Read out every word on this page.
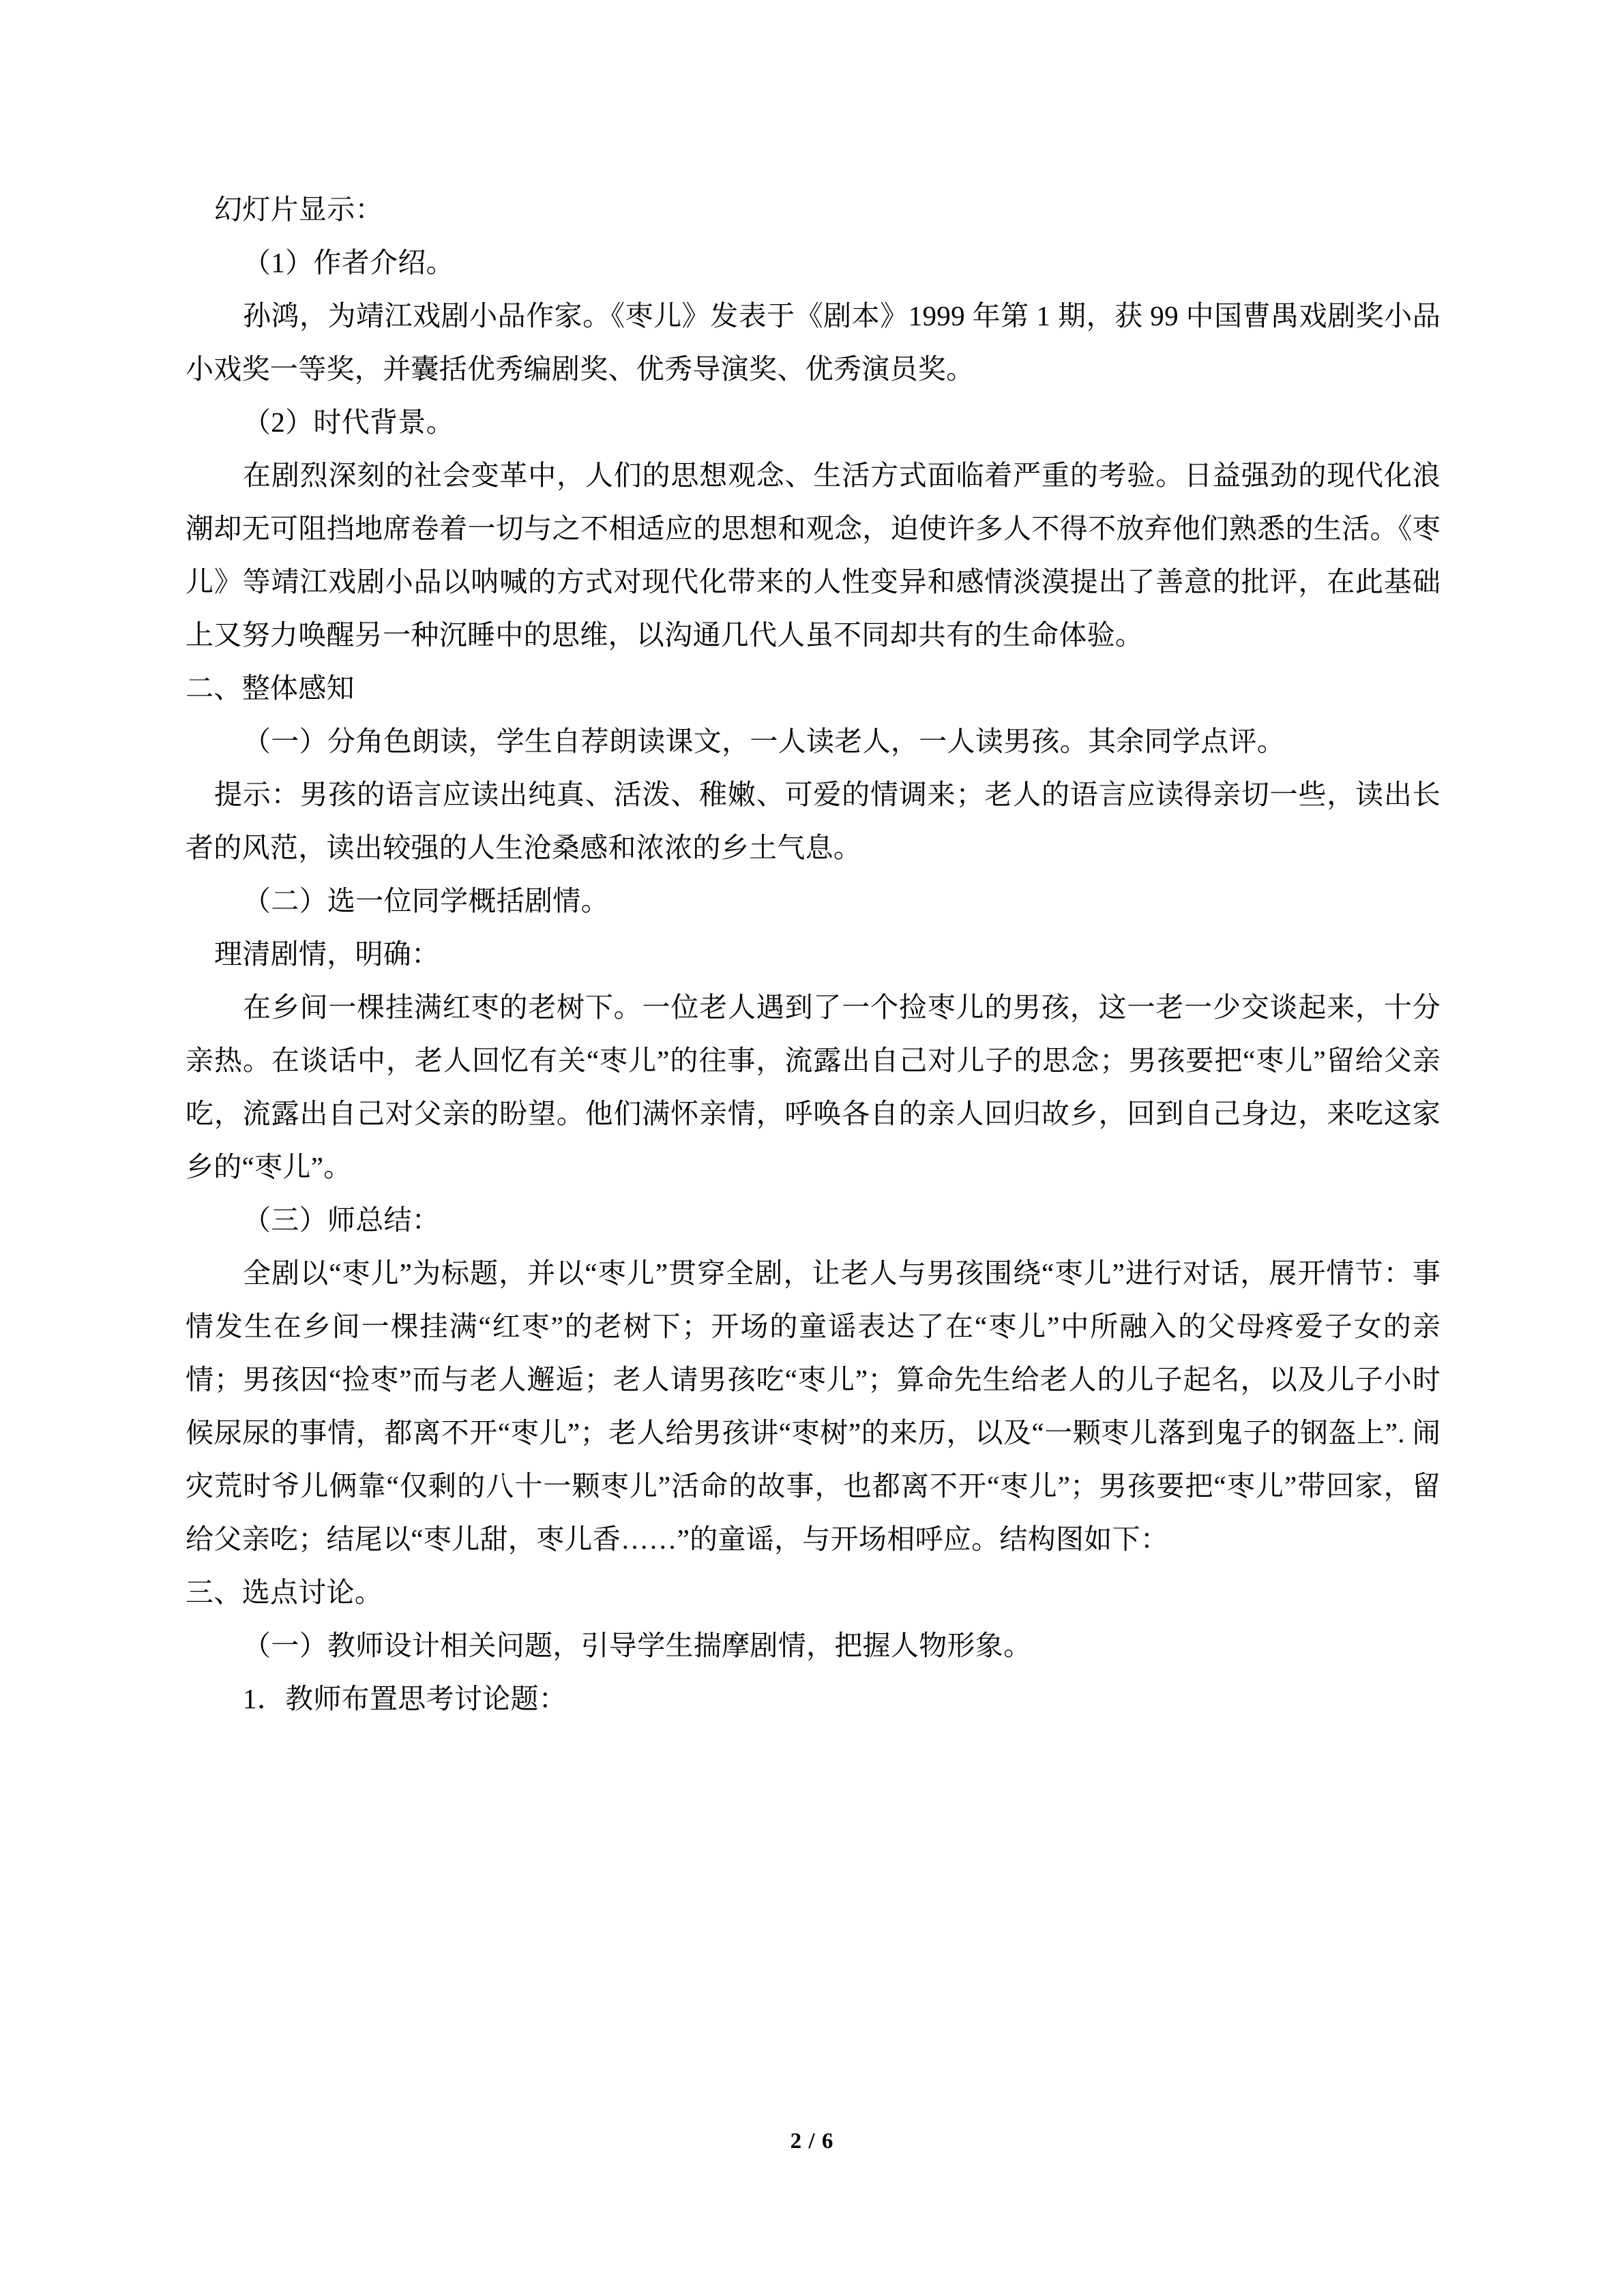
幻灯片显示：

（1）作者介绍。

孙鸿，为靖江戏剧小品作家。《枣儿》发表于《剧本》1999 年第 1 期，获 99 中国曹禺戏剧奖小品小戏奖一等奖，并囊括优秀编剧奖、优秀导演奖、优秀演员奖。

（2）时代背景。

在剧烈深刻的社会变革中，人们的思想观念、生活方式面临着严重的考验。日益强劲的现代化浪潮却无可阻挡地席卷着一切与之不相适应的思想和观念，迫使许多人不得不放弃他们熟悉的生活。《枣儿》等靖江戏剧小品以呐喊的方式对现代化带来的人性变异和感情淡漠提出了善意的批评，在此基础上又努力唤醒另一种沉睡中的思维，以沟通几代人虽不同却共有的生命体验。

二、整体感知

（一）分角色朗读，学生自荐朗读课文，一人读老人，一人读男孩。其余同学点评。

提示：男孩的语言应读出纯真、活泼、稚嫩、可爱的情调来；老人的语言应读得亲切一些，读出长者的风范，读出较强的人生沧桑感和浓浓的乡土气息。

（二）选一位同学概括剧情。

理清剧情，明确：

在乡间一棵挂满红枣的老树下。一位老人遇到了一个捡枣儿的男孩，这一老一少交谈起来，十分亲热。在谈话中，老人回忆有关“枣儿”的往事，流露出自己对儿子的思念；男孩要把“枣儿”留给父亲吃，流露出自己对父亲的盼望。他们满怀亲情，呼唤各自的亲人回归故乡，回到自己身边，来吃这家乡的“枣儿”。

（三）师总结：

全剧以“枣儿”为标题，并以“枣儿”贯穿全剧，让老人与男孩围绕“枣儿”进行对话，展开情节：事情发生在乡间一棵挂满“红枣”的老树下；开场的童谣表达了在“枣儿”中所融入的父母疼爱子女的亲情；男孩因“捡枣”而与老人邂逅；老人请男孩吃“枣儿”；算命先生给老人的儿子起名，以及儿子小时候尿尿的事情，都离不开“枣儿”；老人给男孩讲“枣树”的来历，以及“一颗枣儿落到鬼子的钢盔上”. 闹灾荒时爷儿俩靠“仅剩的八十一颗枣儿”活命的故事，也都离不开“枣儿”；男孩要把“枣儿”带回家，留给父亲吃；结尾以“枣儿甜，枣儿香……”的童谣，与开场相呼应。结构图如下：

三、选点讨论。

（一）教师设计相关问题，引导学生揣摩剧情，把握人物形象。

1．教师布置思考讨论题：

2 / 6
